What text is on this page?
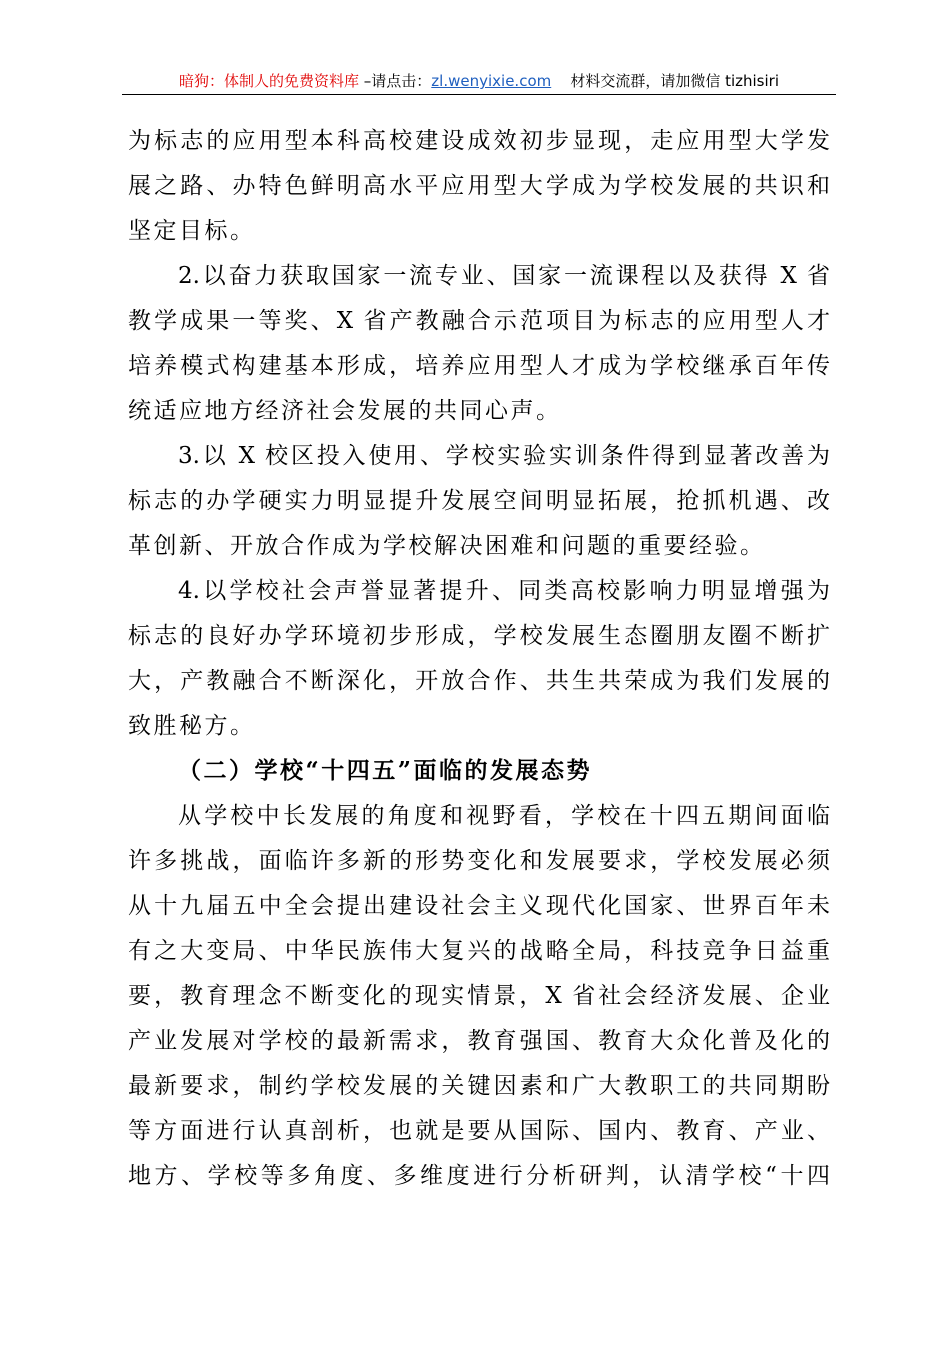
暗狗：体制人的免费资料库 –请点击：zl.wenyixie.com 材料交流群，请加微信 tizhisiri
为标志的应用型本科高校建设成效初步显现，走应用型大学发
展之路、办特色鲜明高水平应用型大学成为学校发展的共识和
坚定目标。
2.以奋力获取国家一流专业、国家一流课程以及获得 X 省
教学成果一等奖、X 省产教融合示范项目为标志的应用型人才
培养模式构建基本形成，培养应用型人才成为学校继承百年传
统适应地方经济社会发展的共同心声。
3.以 X 校区投入使用、学校实验实训条件得到显著改善为
标志的办学硬实力明显提升发展空间明显拓展，抢抓机遇、改
革创新、开放合作成为学校解决困难和问题的重要经验。
4.以学校社会声誉显著提升、同类高校影响力明显增强为
标志的良好办学环境初步形成，学校发展生态圈朋友圈不断扩
大，产教融合不断深化，开放合作、共生共荣成为我们发展的
致胜秘方。
（二）学校“十四五”面临的发展态势
从学校中长发展的角度和视野看，学校在十四五期间面临
许多挑战，面临许多新的形势变化和发展要求，学校发展必须
从十九届五中全会提出建设社会主义现代化国家、世界百年未
有之大变局、中华民族伟大复兴的战略全局，科技竞争日益重
要，教育理念不断变化的现实情景，X 省社会经济发展、企业
产业发展对学校的最新需求，教育强国、教育大众化普及化的
最新要求，制约学校发展的关键因素和广大教职工的共同期盼
等方面进行认真剖析，也就是要从国际、国内、教育、产业、
地方、学校等多角度、多维度进行分析研判，认清学校“十四
